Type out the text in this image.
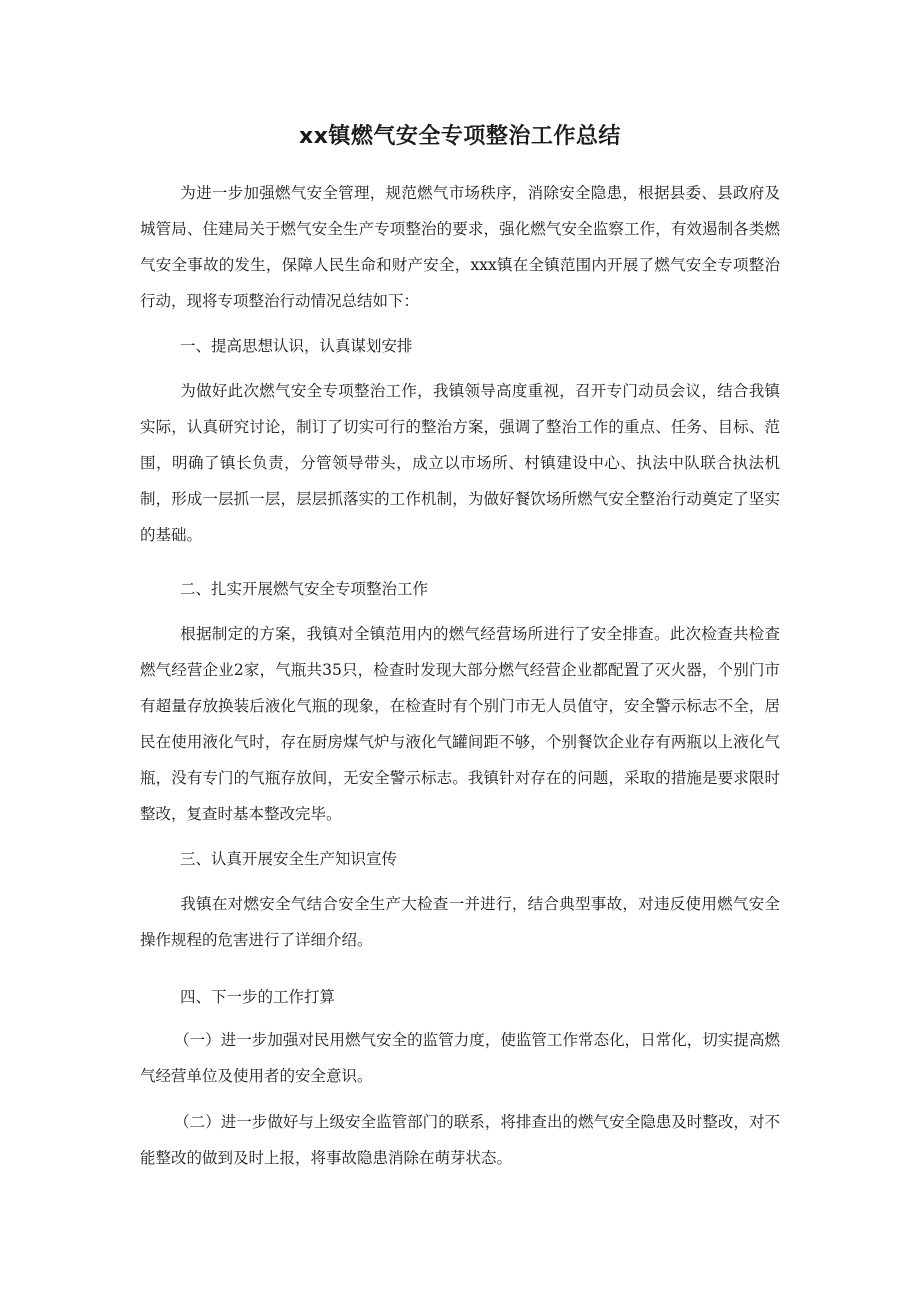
xx镇燃气安全专项整治工作总结

为进一步加强燃气安全管理，规范燃气市场秩序，消除安全隐患，根据县委、县政府及城管局、住建局关于燃气安全生产专项整治的要求，强化燃气安全监察工作，有效遏制各类燃气安全事故的发生，保障人民生命和财产安全，xxx镇在全镇范围内开展了燃气安全专项整治行动，现将专项整治行动情况总结如下：

一、提高思想认识，认真谋划安排

为做好此次燃气安全专项整治工作，我镇领导高度重视，召开专门动员会议，结合我镇实际，认真研究讨论，制订了切实可行的整治方案，强调了整治工作的重点、任务、目标、范围，明确了镇长负责，分管领导带头，成立以市场所、村镇建设中心、执法中队联合执法机制，形成一层抓一层，层层抓落实的工作机制，为做好餐饮场所燃气安全整治行动奠定了坚实的基础。

二、扎实开展燃气安全专项整治工作

根据制定的方案，我镇对全镇范用内的燃气经营场所进行了安全排查。此次检查共检查燃气经营企业2家，气瓶共35只，检查时发现大部分燃气经营企业都配置了灭火器，个别门市有超量存放换装后液化气瓶的现象，在检查时有个别门市无人员值守，安全警示标志不全，居民在使用液化气时，存在厨房煤气炉与液化气罐间距不够，个别餐饮企业存有两瓶以上液化气瓶，没有专门的气瓶存放间，无安全警示标志。我镇针对存在的问题，采取的措施是要求限时整改，复查时基本整改完毕。

三、认真开展安全生产知识宣传

我镇在对燃安全气结合安全生产大检查一并进行，结合典型事故，对违反使用燃气安全操作规程的危害进行了详细介绍。

四、下一步的工作打算

（一）进一步加强对民用燃气安全的监管力度，使监管工作常态化，日常化，切实提高燃气经营单位及使用者的安全意识。

（二）进一步做好与上级安全监管部门的联系，将排查出的燃气安全隐患及时整改，对不能整改的做到及时上报，将事故隐患消除在萌芽状态。
